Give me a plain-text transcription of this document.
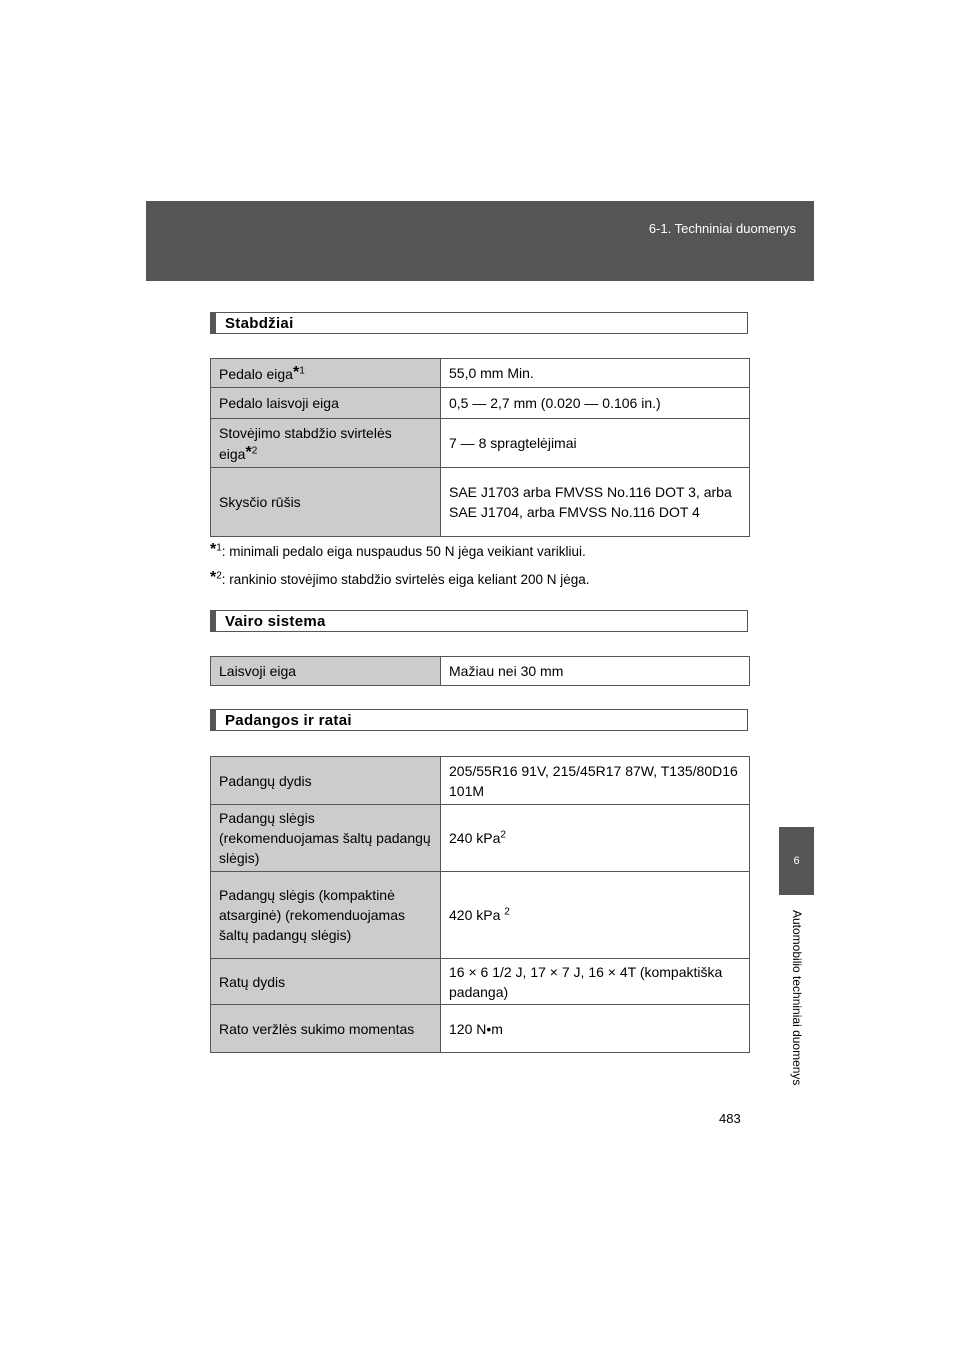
6-1. Techniniai duomenys
6
Automobilio techniniai duomenys
Stabdžiai
Pedalo eiga*$^1$	55,0 mm Min.
Pedalo laisvoji eiga	0,5 — 2,7 mm (0.020 — 0.106 in.)
Stovėjimo stabdžio svirtelės eiga*$^2$	7 — 8 spragtelėjimai
Skysčio rūšis	SAE J1703 arba FMVSS No.116 DOT 3, arba SAE J1704, arba FMVSS No.116 DOT 4
*$^1$: minimali pedalo eiga nuspaudus 50 N jėga veikiant varikliui.
*$^2$: rankinio stovėjimo stabdžio svirtelės eiga keliant 200 N jėga.
Vairo sistema
Laisvoji eiga	Mažiau nei 30 mm
Padangos ir ratai
Padangų dydis	205/55R16 91V, 215/45R17 87W, T135/80D16 101M
Padangų slėgis (rekomenduojamas šaltų padangų slėgis)	240 kPa$^2$
Padangų slėgis (kompaktinė atsarginė) (rekomenduojamas šaltų padangų slėgis)	420 kPa $^2$
Ratų dydis	16 × 6 1/2 J, 17 × 7 J, 16 × 4T (kompaktiška padanga)
Rato veržlės sukimo momentas	120 N•m
483
